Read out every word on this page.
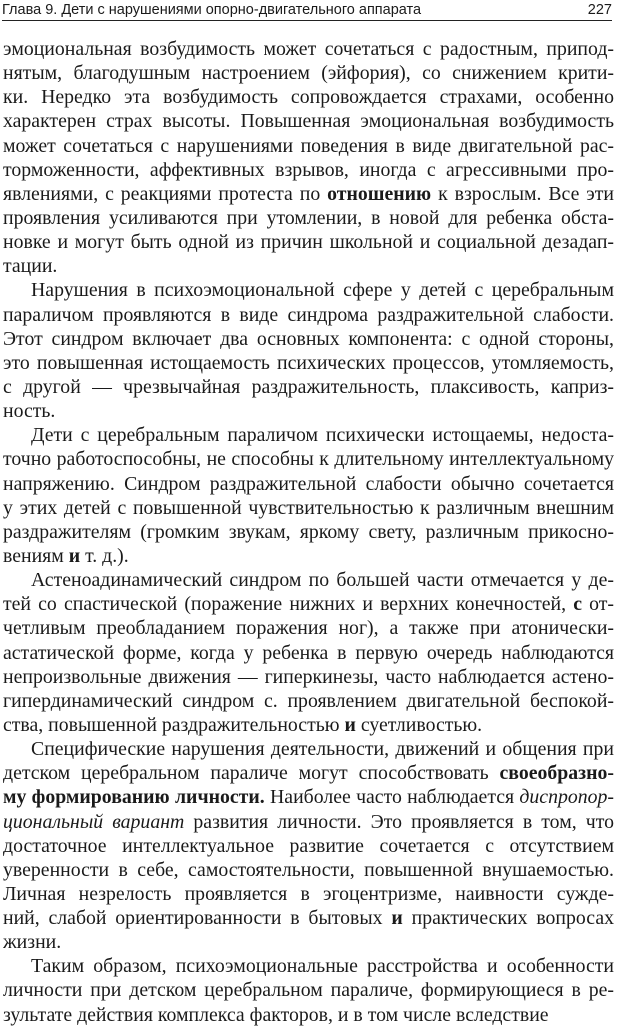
Глава 9. Дети с нарушениями опорно-двигательного аппарата	227
эмоциональная возбудимость может сочетаться с радостным, припод-
нятым, благодушным настроением (эйфория), со снижением крити-
ки. Нередко эта возбудимость сопровождается страхами, особенно
характерен страх высоты. Повышенная эмоциональная возбудимость
может сочетаться с нарушениями поведения в виде двигательной рас-
торможенности, аффективных взрывов, иногда с агрессивными про-
явлениями, с реакциями протеста по отношению к взрослым. Все эти
проявления усиливаются при утомлении, в новой для ребенка обста-
новке и могут быть одной из причин школьной и социальной дезадап-
тации.
Нарушения в психоэмоциональной сфере у детей с церебральным
параличом проявляются в виде синдрома раздражительной слабости.
Этот синдром включает два основных компонента: с одной стороны,
это повышенная истощаемость психических процессов, утомляемость,
с другой — чрезвычайная раздражительность, плаксивость, каприз-
ность.
Дети с церебральным параличом психически истощаемы, недоста-
точно работоспособны, не способны к длительному интеллектуальному
напряжению. Синдром раздражительной слабости обычно сочетается
у этих детей с повышенной чувствительностью к различным внешним
раздражителям (громким звукам, яркому свету, различным прикосно-
вениям и т. д.).
Астеноадинамический синдром по большей части отмечается у де-
тей со спастической (поражение нижних и верхних конечностей, с от-
четливым преобладанием поражения ног), а также при атонически-
астатической форме, когда у ребенка в первую очередь наблюдаются
непроизвольные движения — гиперкинезы, часто наблюдается астено-
гипердинамический синдром с. проявлением двигательной беспокой-
ства, повышенной раздражительностью и суетливостью.
Специфические нарушения деятельности, движений и общения при
детском церебральном параличе могут способствовать своеобразно-
му формированию личности. Наиболее часто наблюдается диспропор-
циональный вариант развития личности. Это проявляется в том, что
достаточное интеллектуальное развитие сочетается с отсутствием
уверенности в себе, самостоятельности, повышенной внушаемостью.
Личная незрелость проявляется в эгоцентризме, наивности сужде-
ний, слабой ориентированности в бытовых и практических вопросах
жизни.
Таким образом, психоэмоциональные расстройства и особенности
личности при детском церебральном параличе, формирующиеся в ре-
зультате действия комплекса факторов, и в том числе вследствие
